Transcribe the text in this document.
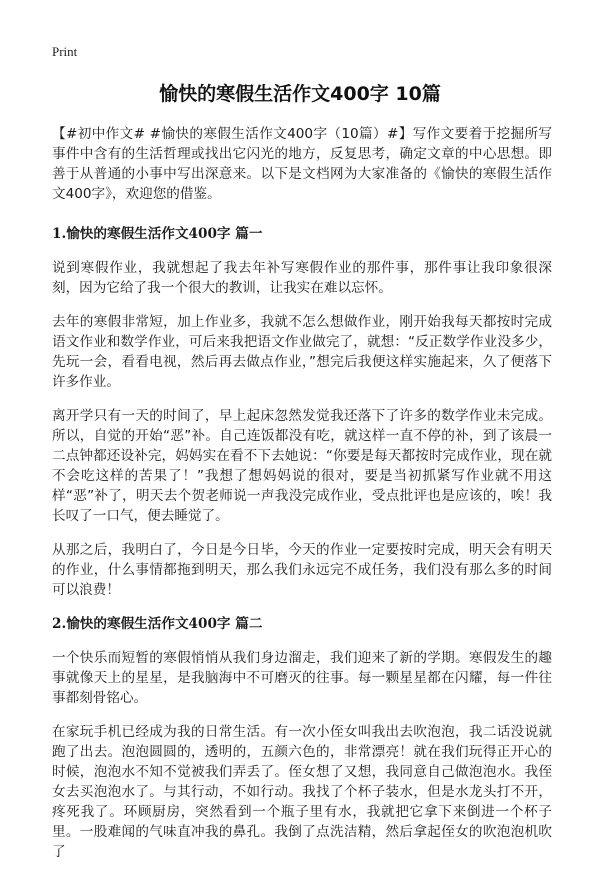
Print
愉快的寒假生活作文400字 10篇

【#初中作文# #愉快的寒假生活作文400字（10篇）#】写作文要着于挖掘所写事件中含有的生活哲理或找出它闪光的地方，反复思考，确定文章的中心思想。即善于从普通的小事中写出深意来。以下是文档网为大家准备的《愉快的寒假生活作文400字》，欢迎您的借鉴。

1.愉快的寒假生活作文400字 篇一

说到寒假作业，我就想起了我去年补写寒假作业的那件事，那件事让我印象很深刻，因为它给了我一个很大的教训，让我实在难以忘怀。

去年的寒假非常短，加上作业多，我就不怎么想做作业，刚开始我每天都按时完成语文作业和数学作业，可后来我把语文作业做完了，就想：“反正数学作业没多少，先玩一会，看看电视，然后再去做点作业，”想完后我便这样实施起来，久了便落下许多作业。

离开学只有一天的时间了，早上起床忽然发觉我还落下了许多的数学作业未完成。所以，自觉的开始“恶”补。自己连饭都没有吃，就这样一直不停的补，到了该晨一二点钟都还设补完，妈妈实在看不下去她说：“你要是每天都按时完成作业，现在就不会吃这样的苦果了！”我想了想妈妈说的很对，要是当初抓紧写作业就不用这样“恶”补了，明天去个贺老师说一声我没完成作业，受点批评也是应该的，唉！我长叹了一口气，便去睡觉了。

从那之后，我明白了，今日是今日毕，今天的作业一定要按时完成，明天会有明天的作业，什么事情都拖到明天，那么我们永远完不成任务，我们没有那么多的时间可以浪费！

2.愉快的寒假生活作文400字 篇二

一个快乐而短暂的寒假悄悄从我们身边溜走，我们迎来了新的学期。寒假发生的趣事就像天上的星星，是我脑海中不可磨灭的往事。每一颗星星都在闪耀，每一件往事都刻骨铭心。

在家玩手机已经成为我的日常生活。有一次小侄女叫我出去吹泡泡，我二话没说就跑了出去。泡泡圆圆的，透明的，五颜六色的，非常漂亮！就在我们玩得正开心的时候，泡泡水不知不觉被我们弄丢了。侄女想了又想，我同意自己做泡泡水。我侄女去买泡泡水了。与其行动，不如行动。我找了个杯子装水，但是水龙头打不开，疼死我了。环顾厨房，突然看到一个瓶子里有水，我就把它拿下来倒进一个杯子里。一股难闻的气味直冲我的鼻孔。我倒了点洗洁精，然后拿起侄女的吹泡泡机吹了
